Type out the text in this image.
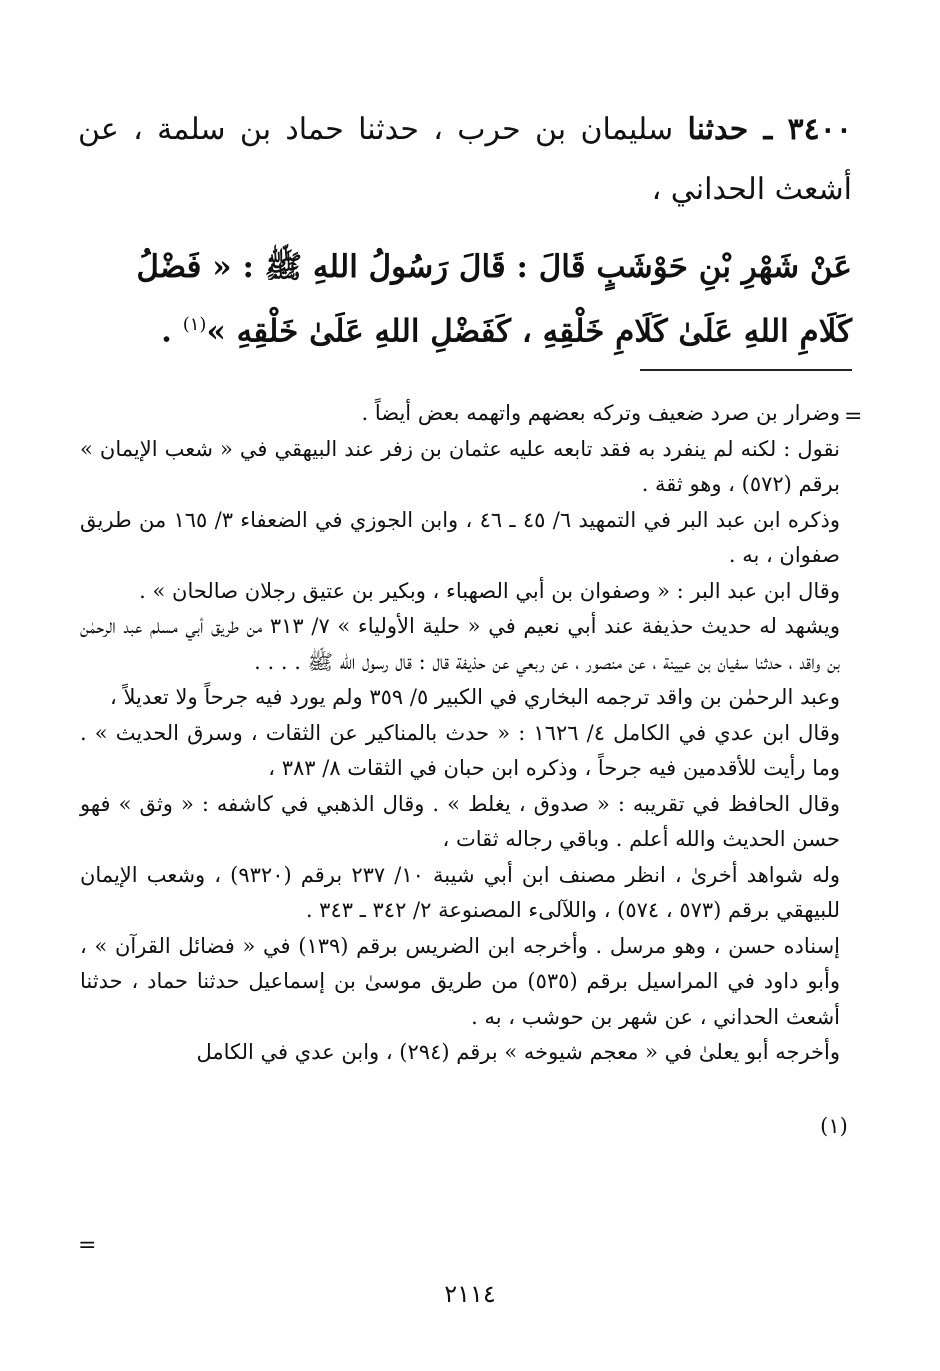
٣٤٠٠ ـ حدثنا سليمان بن حرب ، حدثنا حماد بن سلمة ، عن أشعث الحداني ،

عَنْ شَهْرِ بْنِ حَوْشَبٍ قَالَ : قَالَ رَسُولُ اللهِ ﷺ : « فَضْلُ كَلَامِ اللهِ عَلَىٰ كَلَامِ خَلْقِهِ ، كَفَضْلِ اللهِ عَلَىٰ خَلْقِهِ »$^{(١)}$ .

=

وضرار بن صرد ضعيف وتركه بعضهم واتهمه بعض أيضاً .

نقول : لكنه لم ينفرد به فقد تابعه عليه عثمان بن زفر عند البيهقي في « شعب الإيمان » برقم (٥٧٢) ، وهو ثقة .

وذكره ابن عبد البر في التمهيد ٦/ ٤٥ ـ ٤٦ ، وابن الجوزي في الضعفاء ٣/ ١٦٥ من طريق صفوان ، به .

وقال ابن عبد البر : « وصفوان بن أبي الصهباء ، وبكير بن عتيق رجلان صالحان » .

ويشهد له حديث حذيفة عند أبي نعيم في « حلية الأولياء » ٧/ ٣١٣ من طريق أبي مسلم عبد الرحمٰن بن واقد ، حدثنا سفيان بن عيينة ، عن منصور ، عن ربعي عن حذيفة قال : قال رسول الله ﷺ . . . .

وعبد الرحمٰن بن واقد ترجمه البخاري في الكبير ٥/ ٣٥٩ ولم يورد فيه جرحاً ولا تعديلاً ،

وقال ابن عدي في الكامل ٤/ ١٦٢٦ : « حدث بالمناكير عن الثقات ، وسرق الحديث » . وما رأيت للأقدمين فيه جرحاً ، وذكره ابن حبان في الثقات ٨/ ٣٨٣ ،

وقال الحافظ في تقريبه : « صدوق ، يغلط » . وقال الذهبي في كاشفه : « وثق » فهو حسن الحديث والله أعلم . وباقي رجاله ثقات ،

وله شواهد أخرىٰ ، انظر مصنف ابن أبي شيبة ١٠/ ٢٣٧ برقم (٩٣٢٠) ، وشعب الإيمان للبيهقي برقم (٥٧٣ ، ٥٧٤) ، واللآلىء المصنوعة ٢/ ٣٤٢ ـ ٣٤٣ .

إسناده حسن ، وهو مرسل . وأخرجه ابن الضريس برقم (١٣٩) في « فضائل القرآن » ، وأبو داود في المراسيل برقم (٥٣٥) من طريق موسىٰ بن إسماعيل حدثنا حماد ، حدثنا أشعث الحداني ، عن شهر بن حوشب ، به .

وأخرجه أبو يعلىٰ في « معجم شيوخه » برقم (٢٩٤) ، وابن عدي في الكامل

(١)
=
٢١١٤
